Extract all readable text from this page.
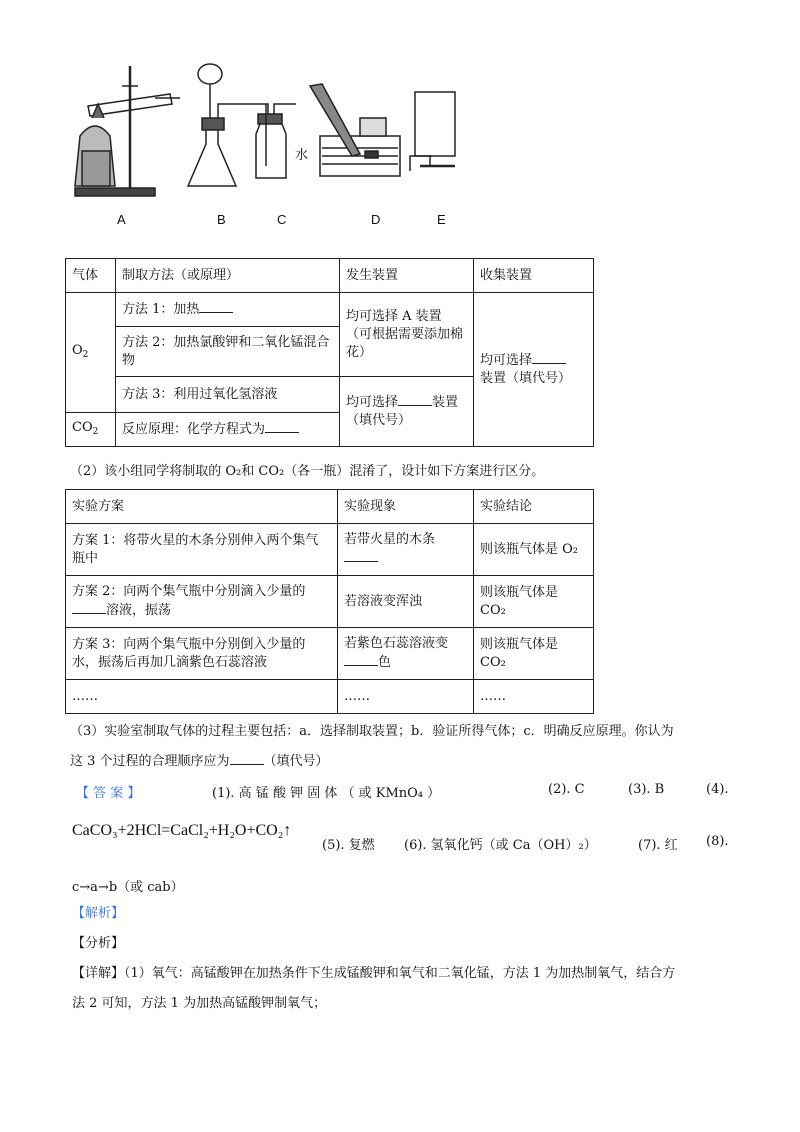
水
A	B	C	D	E
气体	制取方法（或原理）	发生装置	收集装置
$O_2$	方法 1：加热	均可选择 A 装置（可根据需要添加棉花）	均可选择
装置（填代号）
	方法 2：加热氯酸钾和二氧化锰混合物		
	方法 3：利用过氧化氢溶液	均可选择 装置（填代号）	
$CO_2$	反应原理：化学方程式为		
（2）该小组同学将制取的 O₂和 CO₂（各一瓶）混淆了，设计如下方案进行区分。
实验方案	实验现象	实验结论
方案 1：将带火星的木条分别伸入两个集气瓶中	若带火星的木条	则该瓶气体是 O₂
方案 2：向两个集气瓶中分别滴入少量的
溶液，振荡	若溶液变浑浊	则该瓶气体是 CO₂
方案 3：向两个集气瓶中分别倒入少量的水，振荡后再加几滴紫色石蕊溶液	若紫色石蕊溶液变
色	则该瓶气体是 CO₂
……	……	……
（3）实验室制取气体的过程主要包括：a．选择制取装置；b．验证所得气体；c．明确反应原理。你认为
这 3 个过程的合理顺序应为	（填代号）
【 答 案 】	(1). 高 锰 酸 钾 固 体 （ 或 KMnO₄ ）	(2). C	(3). B	(4).
CaCO₃+2HCl=CaCl₂+H₂O+CO₂↑
(5). 复燃 (6). 氢氧化钙（或 Ca（OH）₂）	(7). 红 (8).
c→a→b（或 cab）
【解析】
【分析】
【详解】（1）氧气：高锰酸钾在加热条件下生成锰酸钾和氧气和二氧化锰，方法 1 为加热制氧气，结合方
法 2 可知，方法 1 为加热高锰酸钾制氧气；
